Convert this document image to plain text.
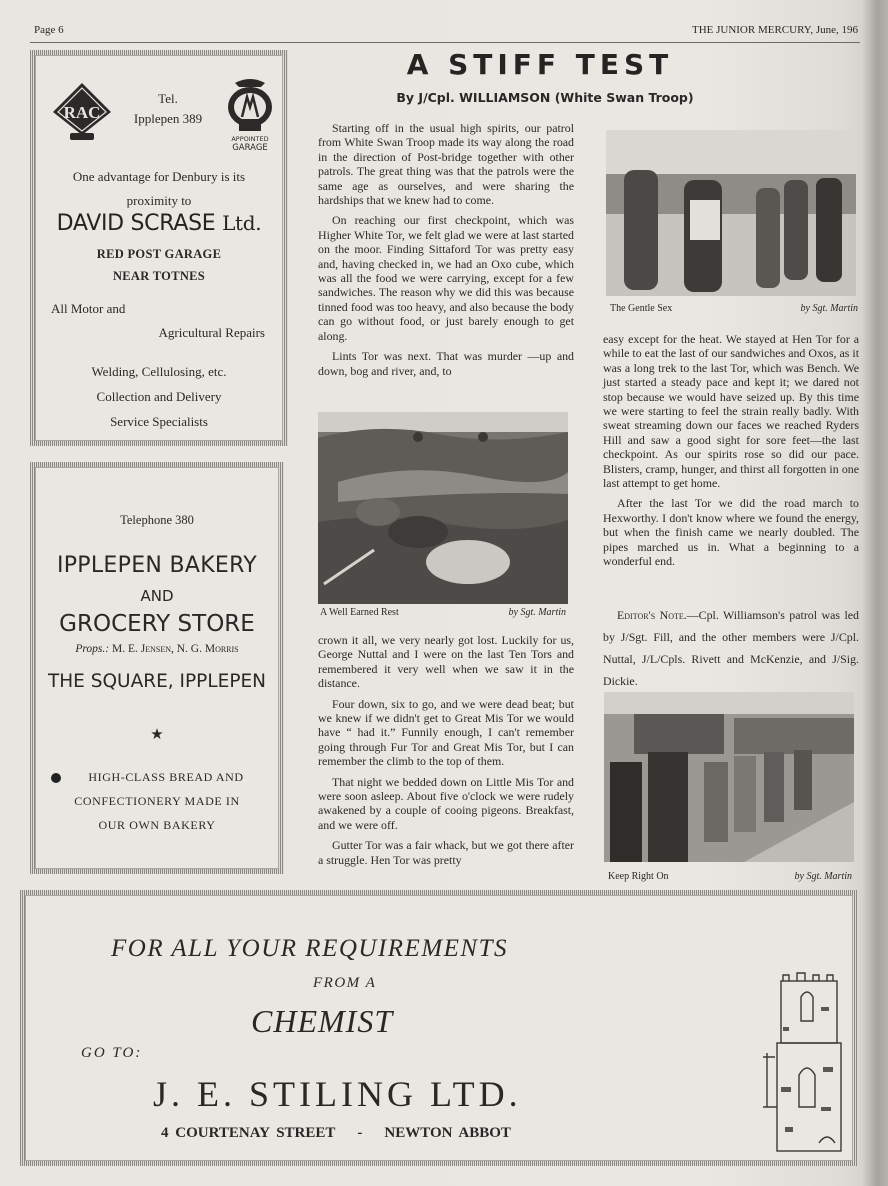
Page 6	THE JUNIOR MERCURY, June, 196
RAC
APPOINTED
GARAGE
Tel.
Ipplepen 389
One advantage for Denbury is its
proximity to
DAVID SCRASE Ltd.
RED POST GARAGE
NEAR TOTNES
All Motor and
Agricultural Repairs
Welding, Cellulosing, etc.
Collection and Delivery
Service Specialists
Telephone 380
IPPLEPEN BAKERY
AND
GROCERY STORE
Props.: M. E. Jensen, N. G. Morris
THE SQUARE, IPPLEPEN
★
HIGH-CLASS BREAD AND
CONFECTIONERY MADE IN
OUR OWN BAKERY
A STIFF TEST
By J/Cpl. WILLIAMSON (White Swan Troop)

Starting off in the usual high spirits, our patrol from White Swan Troop made its way along the road in the direction of Post-bridge together with other patrols. The great thing was that the patrols were the same age as ourselves, and were sharing the hardships that we knew had to come.

On reaching our first checkpoint, which was Higher White Tor, we felt glad we were at last started on the moor. Finding Sittaford Tor was pretty easy and, having checked in, we had an Oxo cube, which was all the food we were carrying, except for a few sandwiches. The reason why we did this was because tinned food was too heavy, and also because the body can go without food, or just barely enough to get along.

Lints Tor was next. That was murder —up and down, bog and river, and, to

A Well Earned Rest	by Sgt. Martin

crown it all, we very nearly got lost. Luckily for us, George Nuttal and I were on the last Ten Tors and remembered it very well when we saw it in the distance.

Four down, six to go, and we were dead beat; but we knew if we didn't get to Great Mis Tor we would have “ had it.” Funnily enough, I can't remember going through Fur Tor and Great Mis Tor, but I can remember the climb to the top of them.

That night we bedded down on Little Mis Tor and were soon asleep. About five o'clock we were rudely awakened by a couple of cooing pigeons. Breakfast, and we were off.

Gutter Tor was a fair whack, but we got there after a struggle. Hen Tor was pretty

The Gentle Sex	by Sgt. Martin

easy except for the heat. We stayed at Hen Tor for a while to eat the last of our sandwiches and Oxos, as it was a long trek to the last Tor, which was Bench. We just started a steady pace and kept it; we dared not stop because we would have seized up. By this time we were starting to feel the strain really badly. With sweat streaming down our faces we reached Ryders Hill and saw a good sight for sore feet—the last checkpoint. As our spirits rose so did our pace. Blisters, cramp, hunger, and thirst all forgotten in one last attempt to get home.

After the last Tor we did the road march to Hexworthy. I don't know where we found the energy, but when the finish came we nearly doubled. The pipes marched us in. What a beginning to a wonderful end.

Editor's Note.—Cpl. Williamson's patrol was led by J/Sgt. Fill, and the other members were J/Cpl. Nuttal, J/L/Cpls. Rivett and McKenzie, and J/Sig. Dickie.

Keep Right On	by Sgt. Martin
FOR ALL YOUR REQUIREMENTS
FROM A
CHEMIST
GO TO:
J. E. STILING LTD.
4 COURTENAY STREET - NEWTON ABBOT
